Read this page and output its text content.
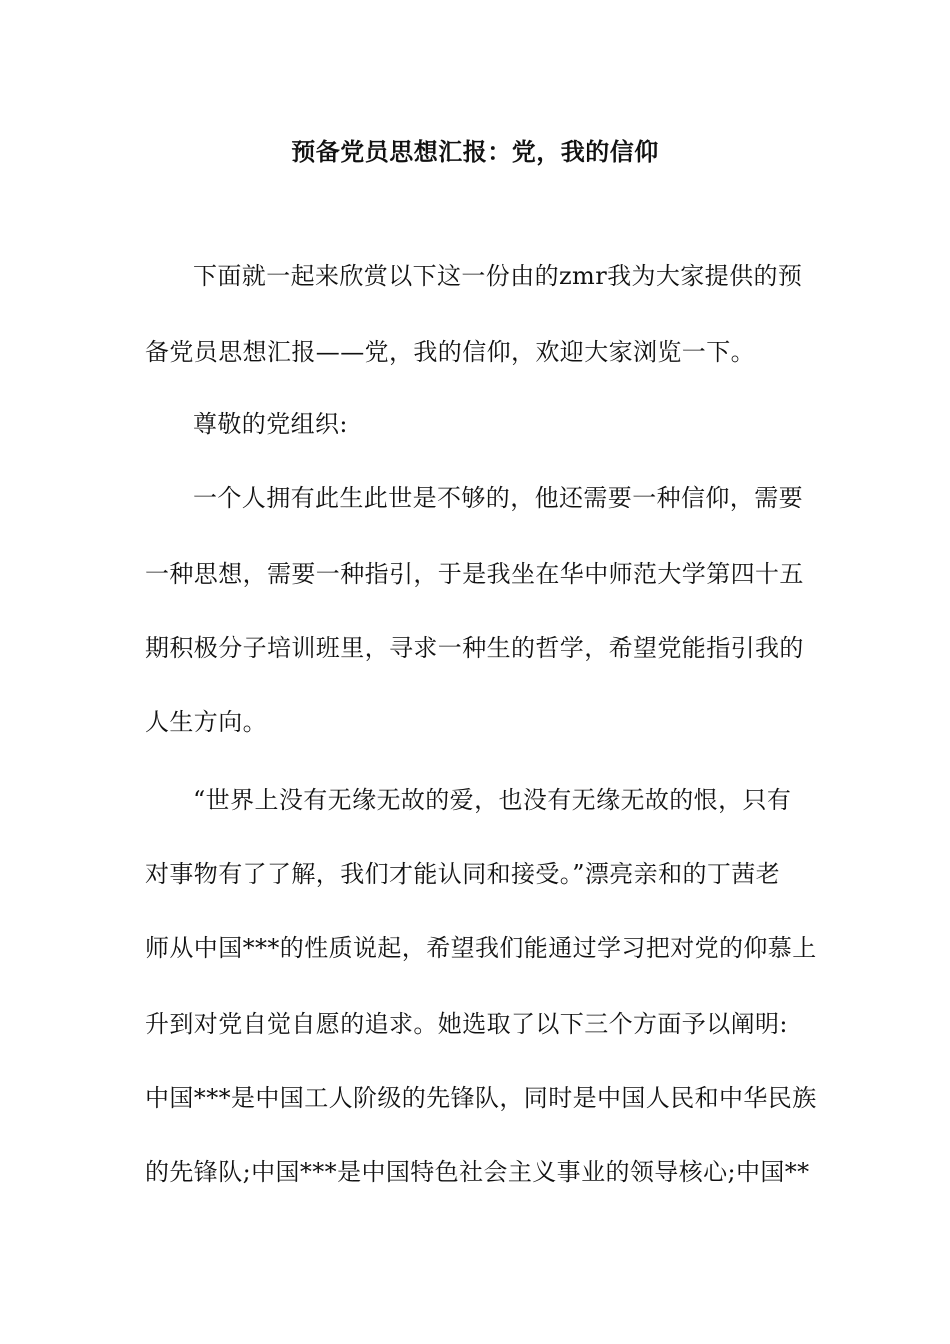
预备党员思想汇报：党，我的信仰
下面就一起来欣赏以下这一份由的zmr我为大家提供的预
备党员思想汇报——党，我的信仰，欢迎大家浏览一下。
尊敬的党组织:
一个人拥有此生此世是不够的，他还需要一种信仰，需要
一种思想，需要一种指引，于是我坐在华中师范大学第四十五
期积极分子培训班里，寻求一种生的哲学，希望党能指引我的
人生方向。
“世界上没有无缘无故的爱，也没有无缘无故的恨，只有
对事物有了了解，我们才能认同和接受。”漂亮亲和的丁茜老
师从中国***的性质说起，希望我们能通过学习把对党的仰慕上
升到对党自觉自愿的追求。她选取了以下三个方面予以阐明:
中国***是中国工人阶级的先锋队，同时是中国人民和中华民族
的先锋队;中国***是中国特色社会主义事业的领导核心;中国**
